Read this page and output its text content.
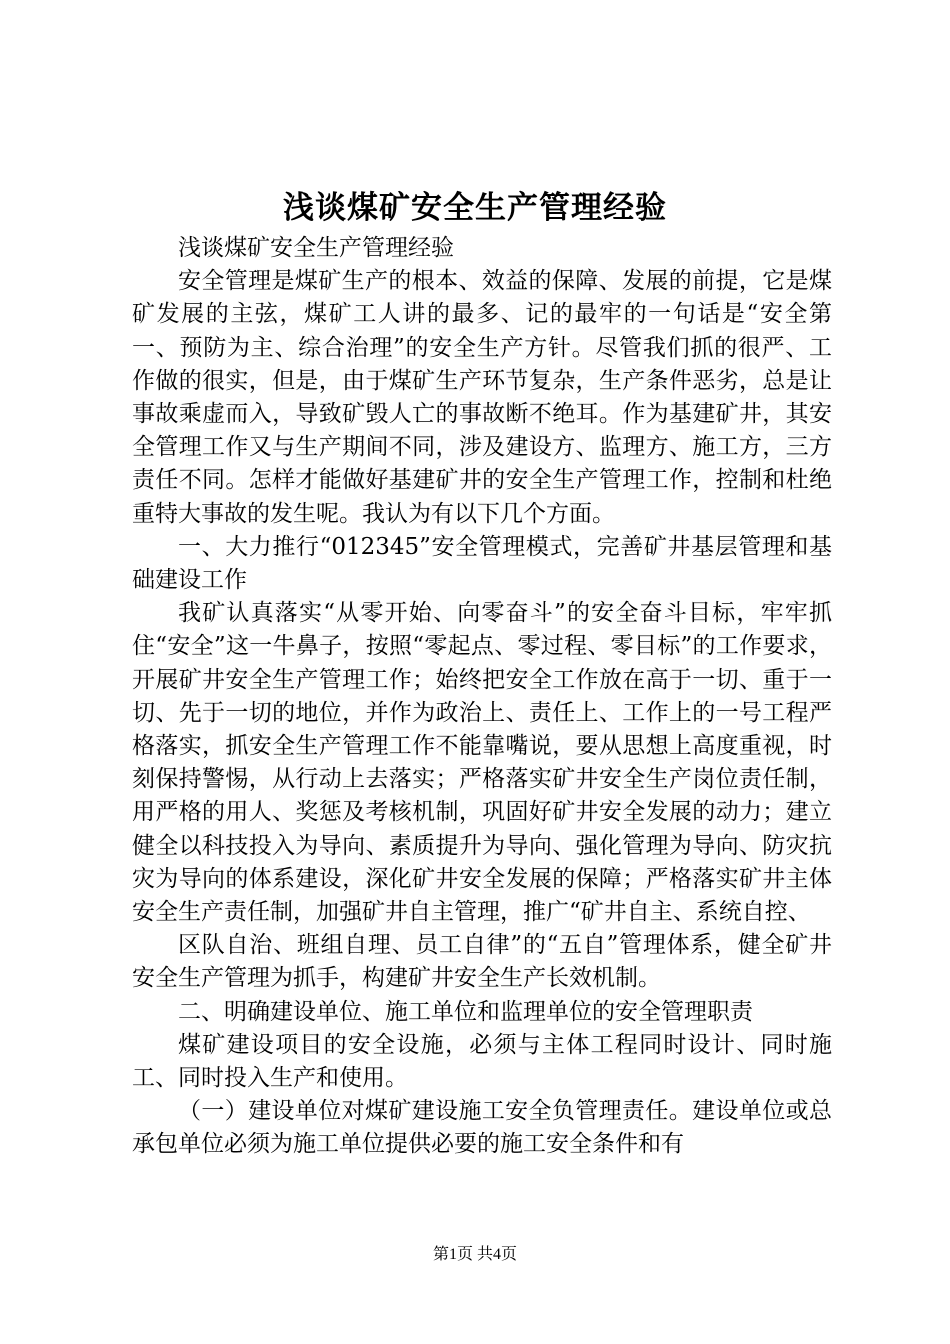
浅谈煤矿安全生产管理经验

浅谈煤矿安全生产管理经验

安全管理是煤矿生产的根本、效益的保障、发展的前提，它是煤矿发展的主弦，煤矿工人讲的最多、记的最牢的一句话是“安全第一、预防为主、综合治理”的安全生产方针。尽管我们抓的很严、工作做的很实，但是，由于煤矿生产环节复杂，生产条件恶劣，总是让事故乘虚而入，导致矿毁人亡的事故断不绝耳。作为基建矿井，其安全管理工作又与生产期间不同，涉及建设方、监理方、施工方，三方责任不同。怎样才能做好基建矿井的安全生产管理工作，控制和杜绝重特大事故的发生呢。我认为有以下几个方面。

一、大力推行“012345”安全管理模式，完善矿井基层管理和基础建设工作

我矿认真落实“从零开始、向零奋斗”的安全奋斗目标，牢牢抓住“安全”这一牛鼻子，按照“零起点、零过程、零目标”的工作要求，开展矿井安全生产管理工作；始终把安全工作放在高于一切、重于一切、先于一切的地位，并作为政治上、责任上、工作上的一号工程严格落实，抓安全生产管理工作不能靠嘴说，要从思想上高度重视，时刻保持警惕，从行动上去落实；严格落实矿井安全生产岗位责任制，用严格的用人、奖惩及考核机制，巩固好矿井安全发展的动力；建立健全以科技投入为导向、素质提升为导向、强化管理为导向、防灾抗灾为导向的体系建设，深化矿井安全发展的保障；严格落实矿井主体安全生产责任制，加强矿井自主管理，推广“矿井自主、系统自控、

区队自治、班组自理、员工自律”的“五自”管理体系，健全矿井安全生产管理为抓手，构建矿井安全生产长效机制。

二、明确建设单位、施工单位和监理单位的安全管理职责

煤矿建设项目的安全设施，必须与主体工程同时设计、同时施工、同时投入生产和使用。

（一）建设单位对煤矿建设施工安全负管理责任。建设单位或总承包单位必须为施工单位提供必要的施工安全条件和有

第1页 共4页
